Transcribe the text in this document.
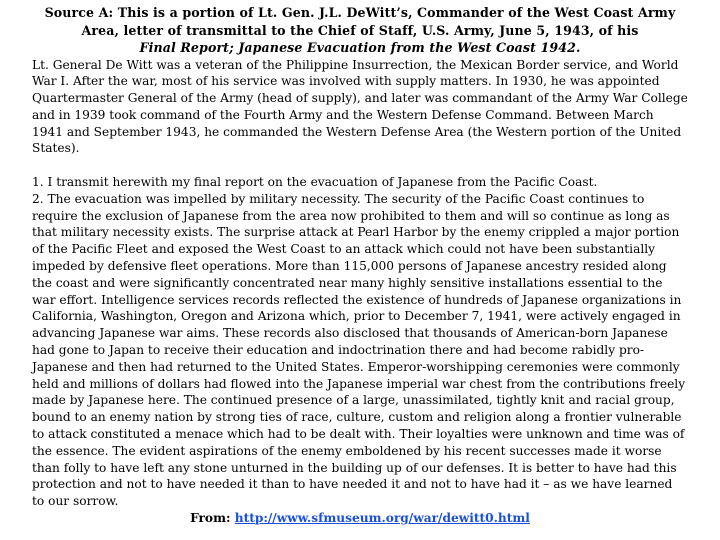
Source A: This is a portion of Lt. Gen. J.L. DeWitt’s, Commander of the West Coast Army Area, letter of transmittal to the Chief of Staff, U.S. Army, June 5, 1943, of his
Final Report; Japanese Evacuation from the West Coast 1942.

Lt. General De Witt was a veteran of the Philippine Insurrection, the Mexican Border service, and World War I. After the war, most of his service was involved with supply matters. In 1930, he was appointed Quartermaster General of the Army (head of supply), and later was commandant of the Army War College and in 1939 took command of the Fourth Army and the Western Defense Command. Between March 1941 and September 1943, he commanded the Western Defense Area (the Western portion of the United States).

1. I transmit herewith my final report on the evacuation of Japanese from the Pacific Coast.

2. The evacuation was impelled by military necessity. The security of the Pacific Coast continues to require the exclusion of Japanese from the area now prohibited to them and will so continue as long as that military necessity exists. The surprise attack at Pearl Harbor by the enemy crippled a major portion of the Pacific Fleet and exposed the West Coast to an attack which could not have been substantially impeded by defensive fleet operations. More than 115,000 persons of Japanese ancestry resided along the coast and were significantly concentrated near many highly sensitive installations essential to the war effort. Intelligence services records reflected the existence of hundreds of Japanese organizations in California, Washington, Oregon and Arizona which, prior to December 7, 1941, were actively engaged in advancing Japanese war aims. These records also disclosed that thousands of American-born Japanese had gone to Japan to receive their education and indoctrination there and had become rabidly pro-Japanese and then had returned to the United States. Emperor-worshipping ceremonies were commonly held and millions of dollars had flowed into the Japanese imperial war chest from the contributions freely made by Japanese here. The continued presence of a large, unassimilated, tightly knit and racial group, bound to an enemy nation by strong ties of race, culture, custom and religion along a frontier vulnerable to attack constituted a menace which had to be dealt with. Their loyalties were unknown and time was of the essence. The evident aspirations of the enemy emboldened by his recent successes made it worse than folly to have left any stone unturned in the building up of our defenses. It is better to have had this protection and not to have needed it than to have needed it and not to have had it – as we have learned to our sorrow.

From: http://www.sfmuseum.org/war/dewitt0.html
